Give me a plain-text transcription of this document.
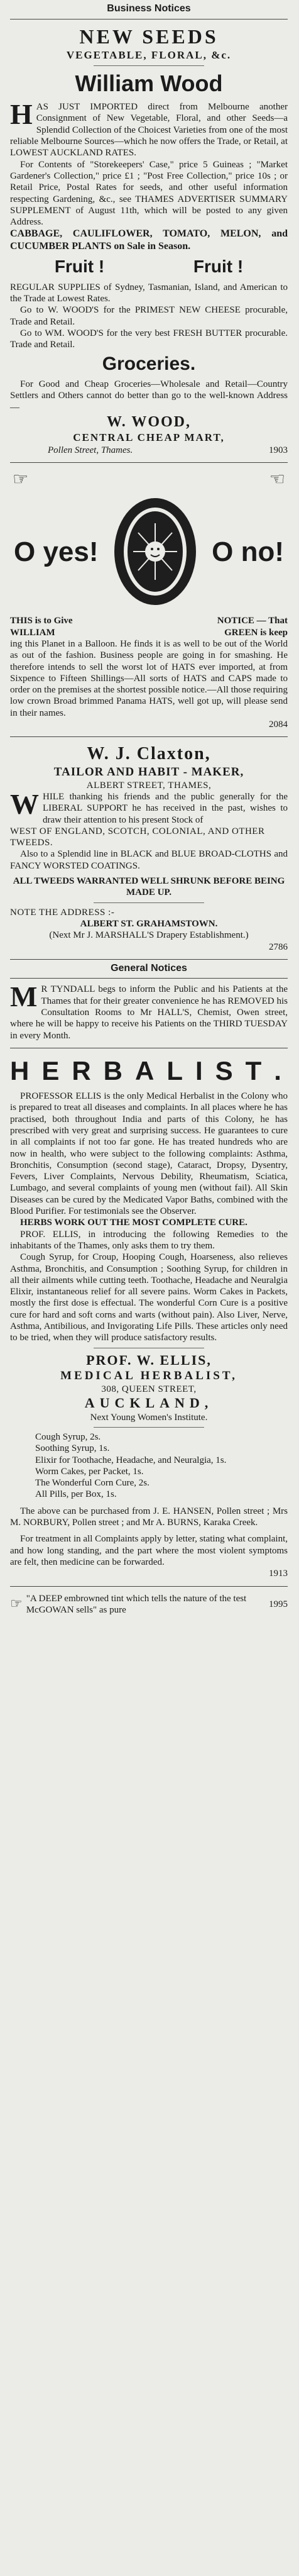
Business Notices
NEW SEEDS
VEGETABLE, FLORAL, &c.
William Wood

H AS JUST IMPORTED direct from Melbourne another Consignment of New Vegetable, Floral, and other Seeds—a Splendid Collection of the Choicest Varieties from one of the most reliable Melbourne Sources—which he now offers the Trade, or Retail, at LOWEST AUCKLAND RATES.

For Contents of "Storekeepers' Case," price 5 Guineas ; "Market Gardener's Collection," price £1 ; "Post Free Collection," price 10s ; or Retail Price, Postal Rates for seeds, and other useful information respecting Gardening, &c., see THAMES ADVERTISER SUMMARY SUPPLEMENT of August 11th, which will be posted to any given Address.

CABBAGE, CAULIFLOWER, TOMATO, MELON, and CUCUMBER PLANTS on Sale in Season.

Fruit !	Fruit !

REGULAR SUPPLIES of Sydney, Tasmanian, Island, and American to the Trade at Lowest Rates.

Go to W. WOOD'S for the PRIMEST NEW CHEESE procurable, Trade and Retail.

Go to WM. WOOD'S for the very best FRESH BUTTER procurable. Trade and Retail.

Groceries.

For Good and Cheap Groceries—Wholesale and Retail—Country Settlers and Others cannot do better than go to the well-known Address—

W. WOOD,
CENTRAL CHEAP MART,
Pollen Street, Thames.	1903
☞	☜
O yes!	O no!
THIS is to Give	NOTICE — That
WILLIAM	GREEN is keep

ing this Planet in a Balloon. He finds it is as well to be out of the World as out of the fashion. Business people are going in for smashing. He therefore intends to sell the worst lot of HATS ever imported, at from Sixpence to Fifteen Shillings—All sorts of HATS and CAPS made to order on the premises at the shortest possible notice.—All those requiring low crown Broad brimmed Panama HATS, well got up, will please send in their names.

2084
W. J. Claxton,
TAILOR AND HABIT - MAKER,
ALBERT STREET, THAMES,

W HILE thanking his friends and the public generally for the LIBERAL SUPPORT he has received in the past, wishes to draw their attention to his present Stock of

WEST OF ENGLAND, SCOTCH, COLONIAL, AND OTHER TWEEDS.

Also to a Splendid line in BLACK and BLUE BROAD-CLOTHS and FANCY WORSTED COATINGS.

ALL TWEEDS WARRANTED WELL SHRUNK BEFORE BEING MADE UP.

NOTE THE ADDRESS :-

ALBERT ST. GRAHAMSTOWN.

(Next Mr J. MARSHALL'S Drapery Establishment.)

2786
General Notices

M R TYNDALL begs to inform the Public and his Patients at the Thames that for their greater convenience he has REMOVED his Consultation Rooms to Mr HALL'S, Chemist, Owen street, where he will be happy to receive his Patients on the THIRD TUESDAY in every Month.

H E R B A L I S T .

PROFESSOR ELLIS is the only Medical Herbalist in the Colony who is prepared to treat all diseases and complaints. In all places where he has practised, both throughout India and parts of this Colony, he has prescribed with very great and surprising success. He guarantees to cure in all complaints if not too far gone. He has treated hundreds who are now in health, who were subject to the following complaints: Asthma, Bronchitis, Consumption (second stage), Cataract, Dropsy, Dysentry, Fevers, Liver Complaints, Nervous Debility, Rheumatism, Sciatica, Lumbago, and several complaints of young men (without fail). All Skin Diseases can be cured by the Medicated Vapor Baths, combined with the Blood Purifier. For testimonials see the Observer.

HERBS WORK OUT THE MOST COMPLETE CURE.

PROF. ELLIS, in introducing the following Remedies to the inhabitants of the Thames, only asks them to try them.

Cough Syrup, for Croup, Hooping Cough, Hoarseness, also relieves Asthma, Bronchitis, and Consumption ; Soothing Syrup, for children in all their ailments while cutting teeth. Toothache, Headache and Neuralgia Elixir, instantaneous relief for all severe pains. Worm Cakes in Packets, mostly the first dose is effectual. The wonderful Corn Cure is a positive cure for hard and soft corns and warts (without pain). Also Liver, Nerve, Asthma, Antibilious, and Invigorating Life Pills. These articles only need to be tried, when they will produce satisfactory results.

PROF. W. ELLIS,
MEDICAL HERBALIST,
308, QUEEN STREET,
AUCKLAND,
Next Young Women's Institute.

Cough Syrup, 2s.

Soothing Syrup, 1s.

Elixir for Toothache, Headache, and Neuralgia, 1s.

Worm Cakes, per Packet, 1s.

The Wonderful Corn Cure, 2s.

All Pills, per Box, 1s.

The above can be purchased from J. E. HANSEN, Pollen street ; Mrs M. NORBURY, Pollen street ; and Mr A. BURNS, Karaka Creek.

For treatment in all Complaints apply by letter, stating what complaint, and how long standing, and the part where the most violent symptoms are felt, then medicine can be forwarded.

1913
☞ "A DEEP embrowned tint which tells the nature of the test McGOWAN sells" as pure
1995
